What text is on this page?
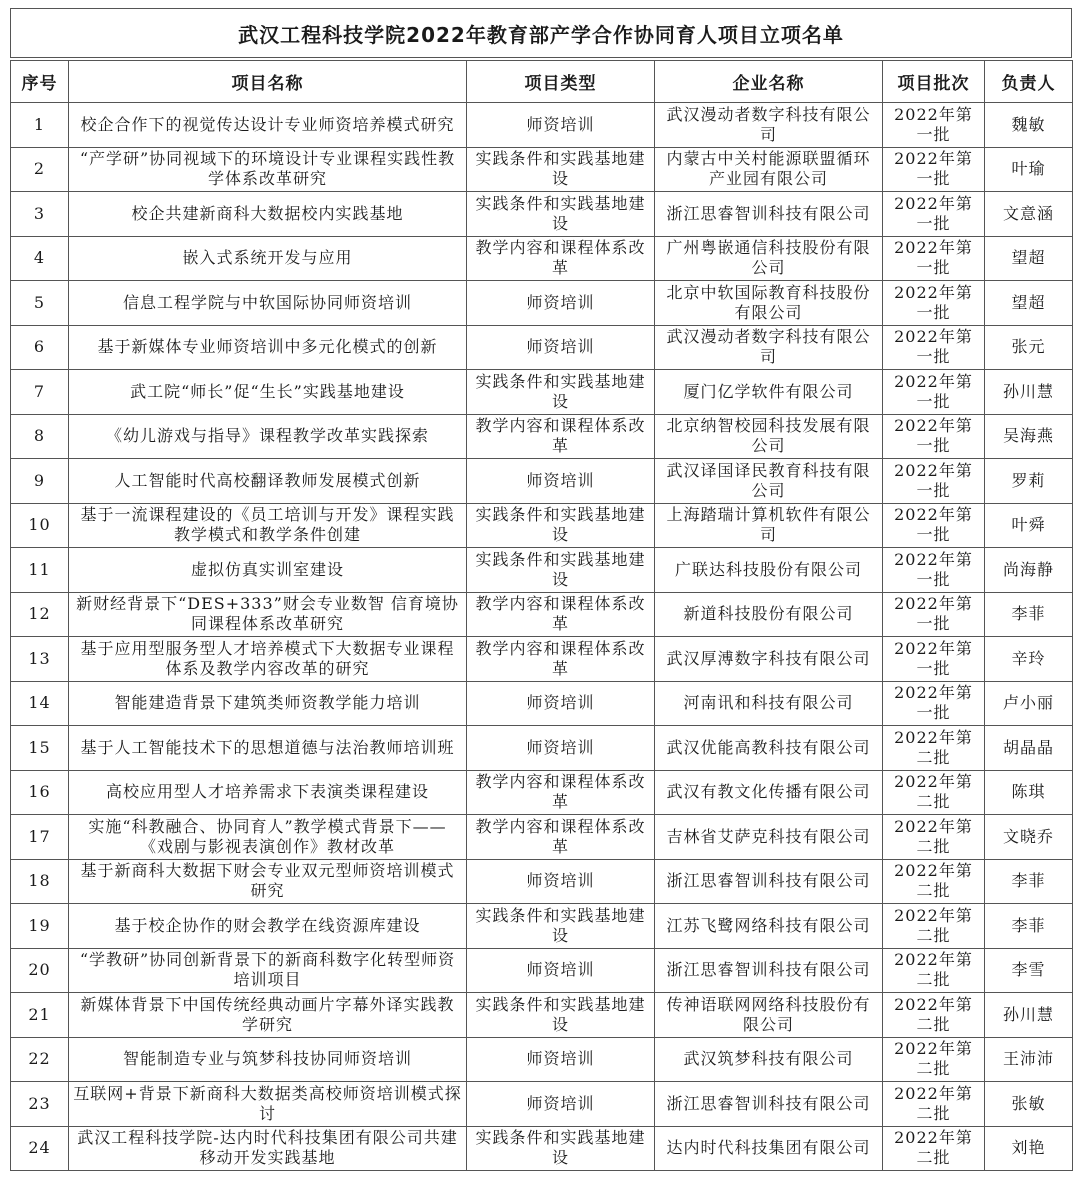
武汉工程科技学院2022年教育部产学合作协同育人项目立项名单
序号	项目名称	项目类型	企业名称	项目批次	负责人
1	校企合作下的视觉传达设计专业师资培养模式研究	师资培训	武汉漫动者数字科技有限公司	2022年第一批	魏敏
2	“产学研”协同视域下的环境设计专业课程实践性教学体系改革研究	实践条件和实践基地建设	内蒙古中关村能源联盟循环产业园有限公司	2022年第一批	叶瑜
3	校企共建新商科大数据校内实践基地	实践条件和实践基地建设	浙江思睿智训科技有限公司	2022年第一批	文意涵
4	嵌入式系统开发与应用	教学内容和课程体系改革	广州粤嵌通信科技股份有限公司	2022年第一批	望超
5	信息工程学院与中软国际协同师资培训	师资培训	北京中软国际教育科技股份有限公司	2022年第一批	望超
6	基于新媒体专业师资培训中多元化模式的创新	师资培训	武汉漫动者数字科技有限公司	2022年第一批	张元
7	武工院“师长”促“生长”实践基地建设	实践条件和实践基地建设	厦门亿学软件有限公司	2022年第一批	孙川慧
8	《幼儿游戏与指导》课程教学改革实践探索	教学内容和课程体系改革	北京纳智校园科技发展有限公司	2022年第一批	吴海燕
9	人工智能时代高校翻译教师发展模式创新	师资培训	武汉译国译民教育科技有限公司	2022年第一批	罗莉
10	基于一流课程建设的《员工培训与开发》课程实践教学模式和教学条件创建	实践条件和实践基地建设	上海踏瑞计算机软件有限公司	2022年第一批	叶舜
11	虚拟仿真实训室建设	实践条件和实践基地建设	广联达科技股份有限公司	2022年第一批	尚海静
12	新财经背景下“DES+333”财会专业数智 信育境协同课程体系改革研究	教学内容和课程体系改革	新道科技股份有限公司	2022年第一批	李菲
13	基于应用型服务型人才培养模式下大数据专业课程体系及教学内容改革的研究	教学内容和课程体系改革	武汉厚溥数字科技有限公司	2022年第一批	辛玲
14	智能建造背景下建筑类师资教学能力培训	师资培训	河南讯和科技有限公司	2022年第一批	卢小丽
15	基于人工智能技术下的思想道德与法治教师培训班	师资培训	武汉优能高教科技有限公司	2022年第二批	胡晶晶
16	高校应用型人才培养需求下表演类课程建设	教学内容和课程体系改革	武汉有教文化传播有限公司	2022年第二批	陈琪
17	实施“科教融合、协同育人”教学模式背景下——《戏剧与影视表演创作》教材改革	教学内容和课程体系改革	吉林省艾萨克科技有限公司	2022年第二批	文晓乔
18	基于新商科大数据下财会专业双元型师资培训模式研究	师资培训	浙江思睿智训科技有限公司	2022年第二批	李菲
19	基于校企协作的财会教学在线资源库建设	实践条件和实践基地建设	江苏飞鹭网络科技有限公司	2022年第二批	李菲
20	“学教研”协同创新背景下的新商科数字化转型师资培训项目	师资培训	浙江思睿智训科技有限公司	2022年第二批	李雪
21	新媒体背景下中国传统经典动画片字幕外译实践教学研究	实践条件和实践基地建设	传神语联网网络科技股份有限公司	2022年第二批	孙川慧
22	智能制造专业与筑梦科技协同师资培训	师资培训	武汉筑梦科技有限公司	2022年第二批	王沛沛
23	互联网+背景下新商科大数据类高校师资培训模式探讨	师资培训	浙江思睿智训科技有限公司	2022年第二批	张敏
24	武汉工程科技学院-达内时代科技集团有限公司共建移动开发实践基地	实践条件和实践基地建设	达内时代科技集团有限公司	2022年第二批	刘艳
